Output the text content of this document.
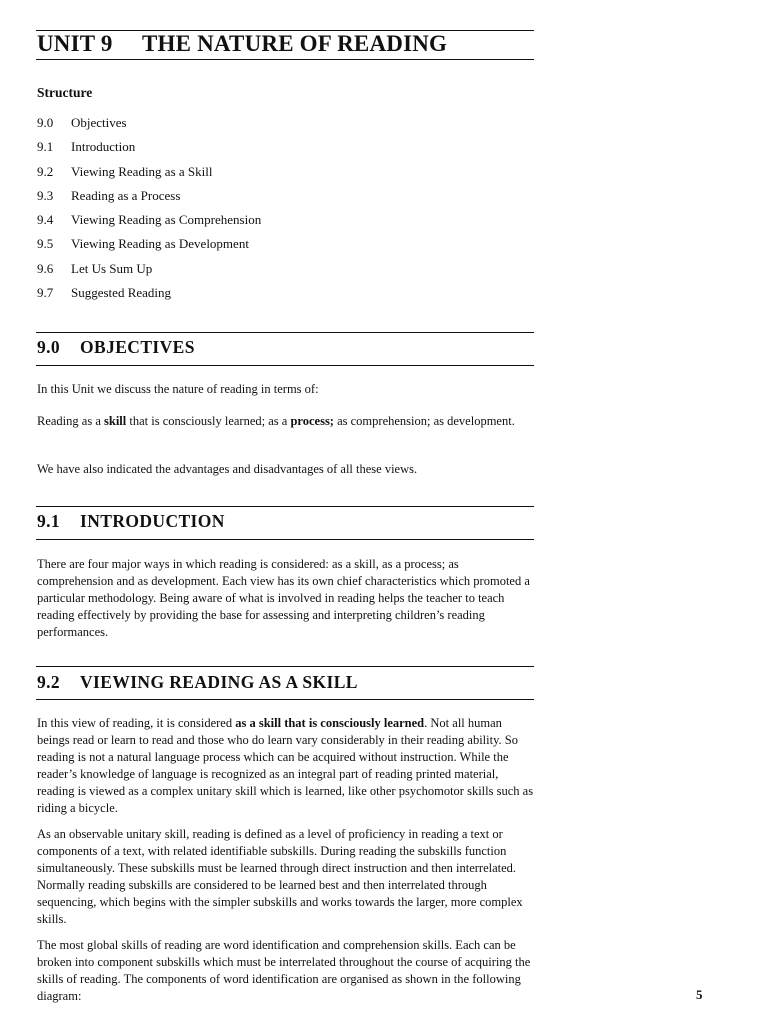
UNIT 9 THE NATURE OF READING
Structure
9.0 Objectives
9.1 Introduction
9.2 Viewing Reading as a Skill
9.3 Reading as a Process
9.4 Viewing Reading as Comprehension
9.5 Viewing Reading as Development
9.6 Let Us Sum Up
9.7 Suggested Reading
9.0 OBJECTIVES

In this Unit we discuss the nature of reading in terms of:

Reading as a skill that is consciously learned; as a process; as comprehension; as development.

We have also indicated the advantages and disadvantages of all these views.

9.1 INTRODUCTION

There are four major ways in which reading is considered: as a skill, as a process; as comprehension and as development. Each view has its own chief characteristics which promoted a particular methodology. Being aware of what is involved in reading helps the teacher to teach reading effectively by providing the base for assessing and interpreting children’s reading performances.

9.2 VIEWING READING AS A SKILL

In this view of reading, it is considered as a skill that is consciously learned. Not all human beings read or learn to read and those who do learn vary considerably in their reading ability. So reading is not a natural language process which can be acquired without instruction. While the reader’s knowledge of language is recognized as an integral part of reading printed material, reading is viewed as a complex unitary skill which is learned, like other psychomotor skills such as riding a bicycle.

As an observable unitary skill, reading is defined as a level of proficiency in reading a text or components of a text, with related identifiable subskills. During reading the subskills function simultaneously. These subskills must be learned through direct instruction and then interrelated. Normally reading subskills are considered to be learned best and then interrelated through sequencing, which begins with the simpler subskills and works towards the larger, more complex skills.

The most global skills of reading are word identification and comprehension skills. Each can be broken into component subskills which must be interrelated throughout the course of acquiring the skills of reading. The components of word identification are organised as shown in the following diagram:	5
